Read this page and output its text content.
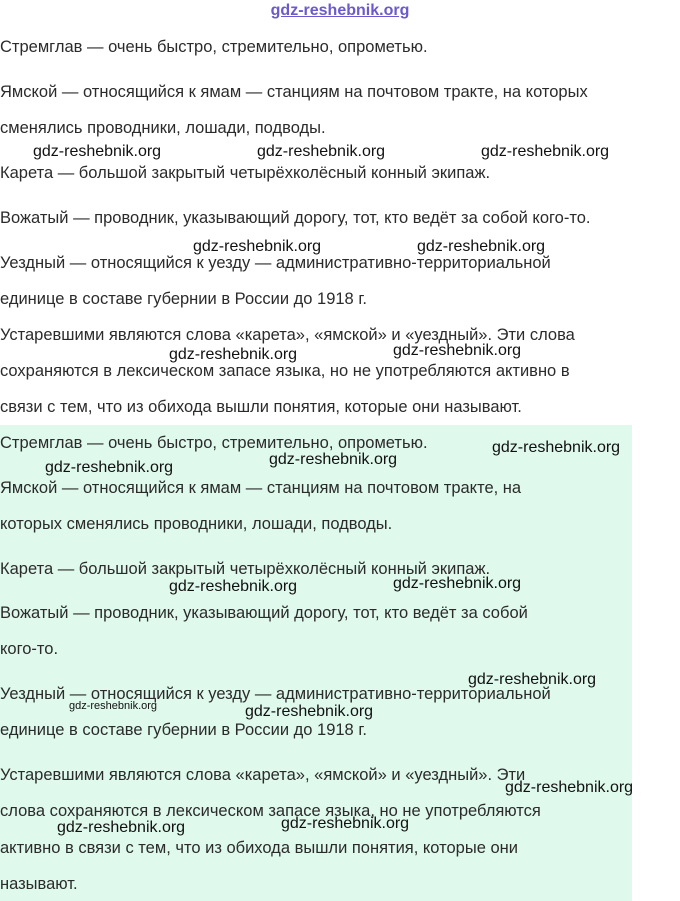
gdz-reshebnik.org
Стремглав — очень быстро, стремительно, опрометью.
Ямской — относящийся к ямам — станциям на почтовом тракте, на которых
сменялись проводники, лошади, подводы.
Карета — большой закрытый четырёхколёсный конный экипаж.
Вожатый — проводник, указывающий дорогу, тот, кто ведёт за собой кого-то.
Уездный — относящийся к уезду — административно-территориальной
единице в составе губернии в России до 1918 г.
Устаревшими являются слова «карета», «ямской» и «уездный». Эти слова
сохраняются в лексическом запасе языка, но не употребляются активно в
связи с тем, что из обихода вышли понятия, которые они называют.
Стремглав — очень быстро, стремительно, опрометью.
Ямской — относящийся к ямам — станциям на почтовом тракте, на
которых сменялись проводники, лошади, подводы.
Карета — большой закрытый четырёхколёсный конный экипаж.
Вожатый — проводник, указывающий дорогу, тот, кто ведёт за собой
кого-то.
Уездный — относящийся к уезду — административно-территориальной
единице в составе губернии в России до 1918 г.
Устаревшими являются слова «карета», «ямской» и «уездный». Эти
слова сохраняются в лексическом запасе языка, но не употребляются
активно в связи с тем, что из обихода вышли понятия, которые они
называют.
gdz-reshebnik.org	gdz-reshebnik.org	gdz-reshebnik.org
gdz-reshebnik.org	gdz-reshebnik.org
gdz-reshebnik.org	gdz-reshebnik.org
gdz-reshebnik.org
gdz-reshebnik.org
gdz-reshebnik.org
gdz-reshebnik.org	gdz-reshebnik.org
gdz-reshebnik.org
gdz-reshebnik.org	gdz-reshebnik.org
gdz-reshebnik.org
gdz-reshebnik.org
gdz-reshebnik.org
